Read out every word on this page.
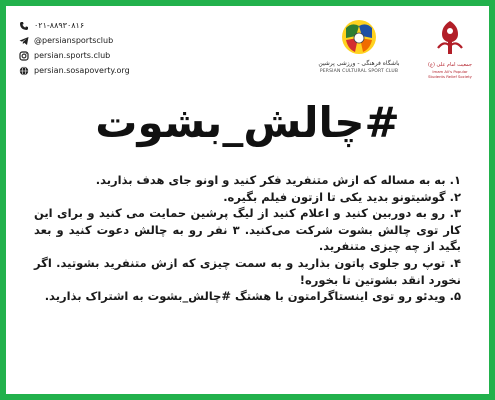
۰۲۱-۸۸۹۳۰۸۱۶
@persiansportsclub
persian.sports.club
persian.sosapoverty.org
باشگاه فرهنگی - ورزشی پرشین
PERSIAN CULTURAL SPORT CLUB
جمعیت امام علی (ع)
Imam Ali's Popular Students Relief Society
#چالش_بشوت

۱. به به مساله که ازش متنفرید فکر کنید و اونو جای هدف بذارید.

۲. گوشیتونو بدید یکی تا ازتون فیلم بگیره.

۳. رو به دوربین کنید و اعلام کنید از لیگ پرشین حمایت می کنید و برای این کار توی چالش بشوت شرکت می‌کنید. ۳ نفر رو به چالش دعوت کنید و بعد بگید از چه چیزی متنفرید.

۴. توپ رو جلوی پاتون بذارید و به سمت چیزی که ازش متنفرید بشوتید. اگر نخورد انقد بشوتین تا بخوره!

۵. ویدئو رو توی اینستاگرامتون با هشتگ #چالش_بشوت به اشتراک بذارید.
